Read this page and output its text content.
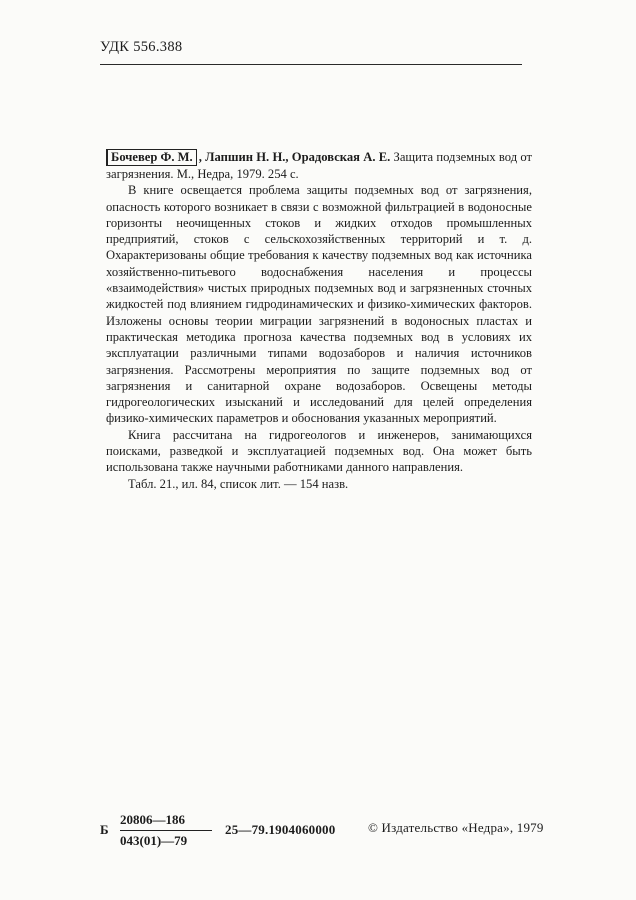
УДК 556.388

Бочевер Ф. М. , Лапшин Н. Н., Орадовская А. Е. Защита подземных вод от загрязнения. М., Недра, 1979. 254 с.

В книге освещается проблема защиты подземных вод от загрязнения, опасность которого возникает в связи с возможной фильтрацией в водоносные горизонты неочищенных стоков и жидких отходов промышленных предприятий, стоков с сельскохозяйственных территорий и т. д. Охарактеризованы общие требования к качеству подземных вод как источника хозяйственно-питьевого водоснабжения населения и процессы «взаимодействия» чистых природных подземных вод и загрязненных сточных жидкостей под влиянием гидродинамических и физико-химических факторов. Изложены основы теории миграции загрязнений в водоносных пластах и практическая методика прогноза качества подземных вод в условиях их эксплуатации различными типами водозаборов и наличия источников загрязнения. Рассмотрены мероприятия по защите подземных вод от загрязнения и санитарной охране водозаборов. Освещены методы гидрогеологических изысканий и исследований для целей определения физико-химических параметров и обоснования указанных мероприятий.

Книга рассчитана на гидрогеологов и инженеров, занимающихся поисками, разведкой и эксплуатацией подземных вод. Она может быть использована также научными работниками данного направления.

Табл. 21., ил. 84, список лит. — 154 назв.

Б
20806—186
043(01)—79
25—79.1904060000	© Издательство «Недра», 1979
